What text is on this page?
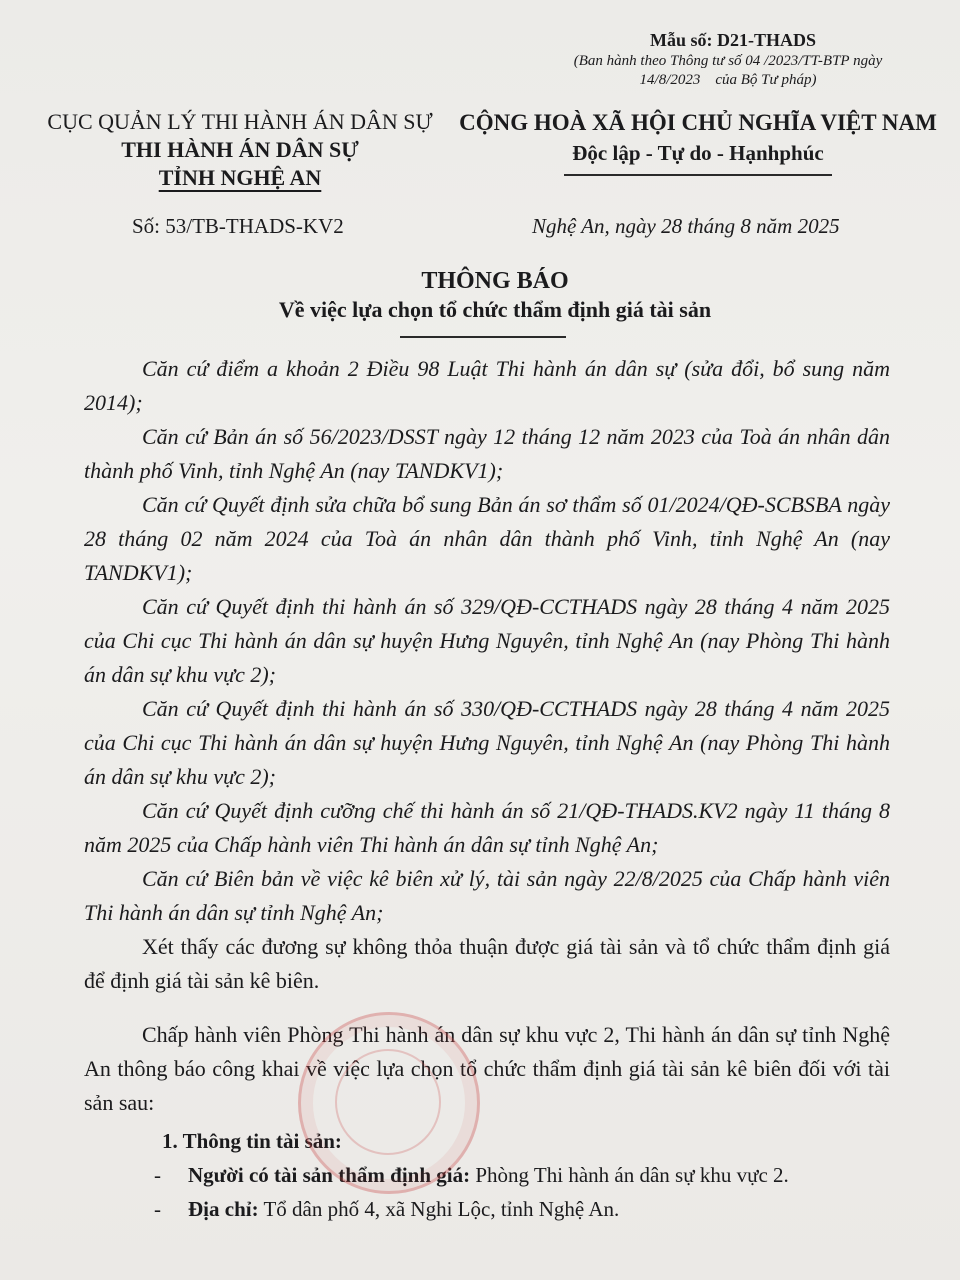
Mẫu số: D21-THADS
(Ban hành theo Thông tư số 04 /2023/TT-BTP ngày
14/8/2023    của Bộ Tư pháp)
CỤC QUẢN LÝ THI HÀNH ÁN DÂN SỰ
THI HÀNH ÁN DÂN SỰ
TỈNH NGHỆ AN
CỘNG HOÀ XÃ HỘI CHỦ NGHĨA VIỆT NAM
Độc lập - Tự do - Hạnhphúc
Số: 53/TB-THADS-KV2	Nghệ An, ngày 28 tháng 8 năm 2025
THÔNG BÁO
Về việc lựa chọn tổ chức thẩm định giá tài sản

Căn cứ điểm a khoản 2 Điều 98 Luật Thi hành án dân sự (sửa đổi, bổ sung năm 2014);

Căn cứ Bản án số 56/2023/DSST ngày 12 tháng 12 năm 2023 của Toà án nhân dân thành phố Vinh, tỉnh Nghệ An (nay TANDKV1);

Căn cứ Quyết định sửa chữa bổ sung Bản án sơ thẩm số 01/2024/QĐ-SCBSBA ngày 28 tháng 02 năm 2024 của Toà án nhân dân thành phố Vinh, tỉnh Nghệ An (nay TANDKV1);

Căn cứ Quyết định thi hành án số 329/QĐ-CCTHADS ngày 28 tháng 4 năm 2025 của Chi cục Thi hành án dân sự huyện Hưng Nguyên, tỉnh Nghệ An (nay Phòng Thi hành án dân sự khu vực 2);

Căn cứ Quyết định thi hành án số 330/QĐ-CCTHADS ngày 28 tháng 4 năm 2025 của Chi cục Thi hành án dân sự huyện Hưng Nguyên, tỉnh Nghệ An (nay Phòng Thi hành án dân sự khu vực 2);

Căn cứ Quyết định cưỡng chế thi hành án số 21/QĐ-THADS.KV2 ngày 11 tháng 8 năm 2025 của Chấp hành viên Thi hành án dân sự tỉnh Nghệ An;

Căn cứ Biên bản về việc kê biên xử lý, tài sản ngày 22/8/2025 của Chấp hành viên Thi hành án dân sự tỉnh Nghệ An;

Xét thấy các đương sự không thỏa thuận được giá tài sản và tổ chức thẩm định giá để định giá tài sản kê biên.

Chấp hành viên Phòng Thi hành án dân sự khu vực 2, Thi hành án dân sự tỉnh Nghệ An thông báo công khai về việc lựa chọn tổ chức thẩm định giá tài sản kê biên đối với tài sản sau:

1. Thông tin tài sản:
- Người có tài sản thẩm định giá: Phòng Thi hành án dân sự khu vực 2.
- Địa chỉ: Tổ dân phố 4, xã Nghi Lộc, tỉnh Nghệ An.
